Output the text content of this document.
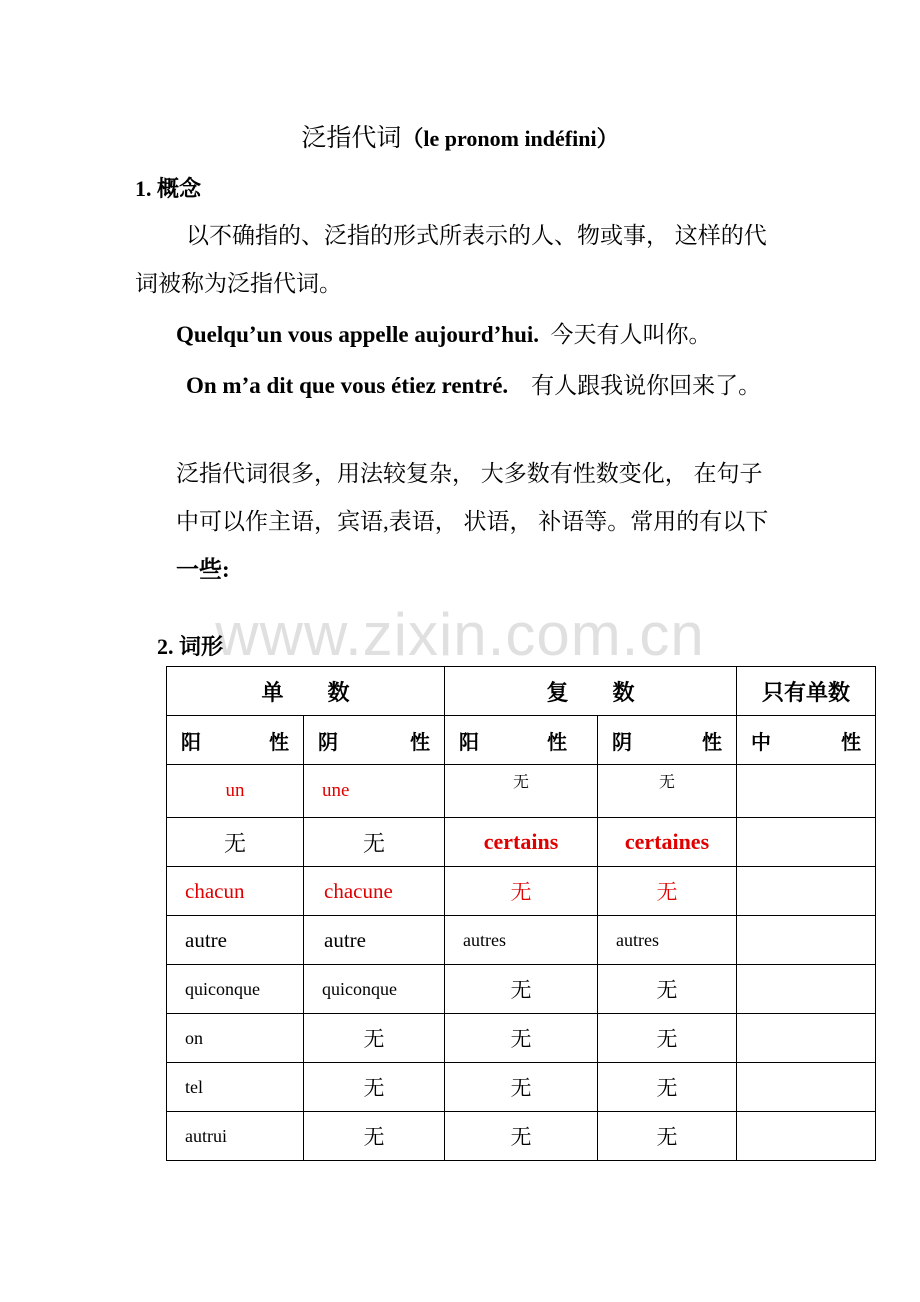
泛指代词（le pronom indéfini）
1. 概念
以不确指的、泛指的形式所表示的人、物或事， 这样的代
词被称为泛指代词。
Quelqu’un vous appelle aujourd’hui. 今天有人叫你。
On m’a dit que vous étiez rentré. 有人跟我说你回来了。
泛指代词很多，用法较复杂， 大多数有性数变化， 在句子
中可以作主语，宾语,表语， 状语， 补语等。常用的有以下
一些:
www.zixin.com.cn
2. 词形
单　　数		复　　数		只有单数

阳 性	阴 性	阳 性	阴 性	中 性

un	une	无	无	
无	无	certains	certaines	
chacun	chacune	无	无	
autre	autre	autres	autres	
quiconque	quiconque	无	无	
on	无	无	无	
tel	无	无	无	
autrui	无	无	无	
